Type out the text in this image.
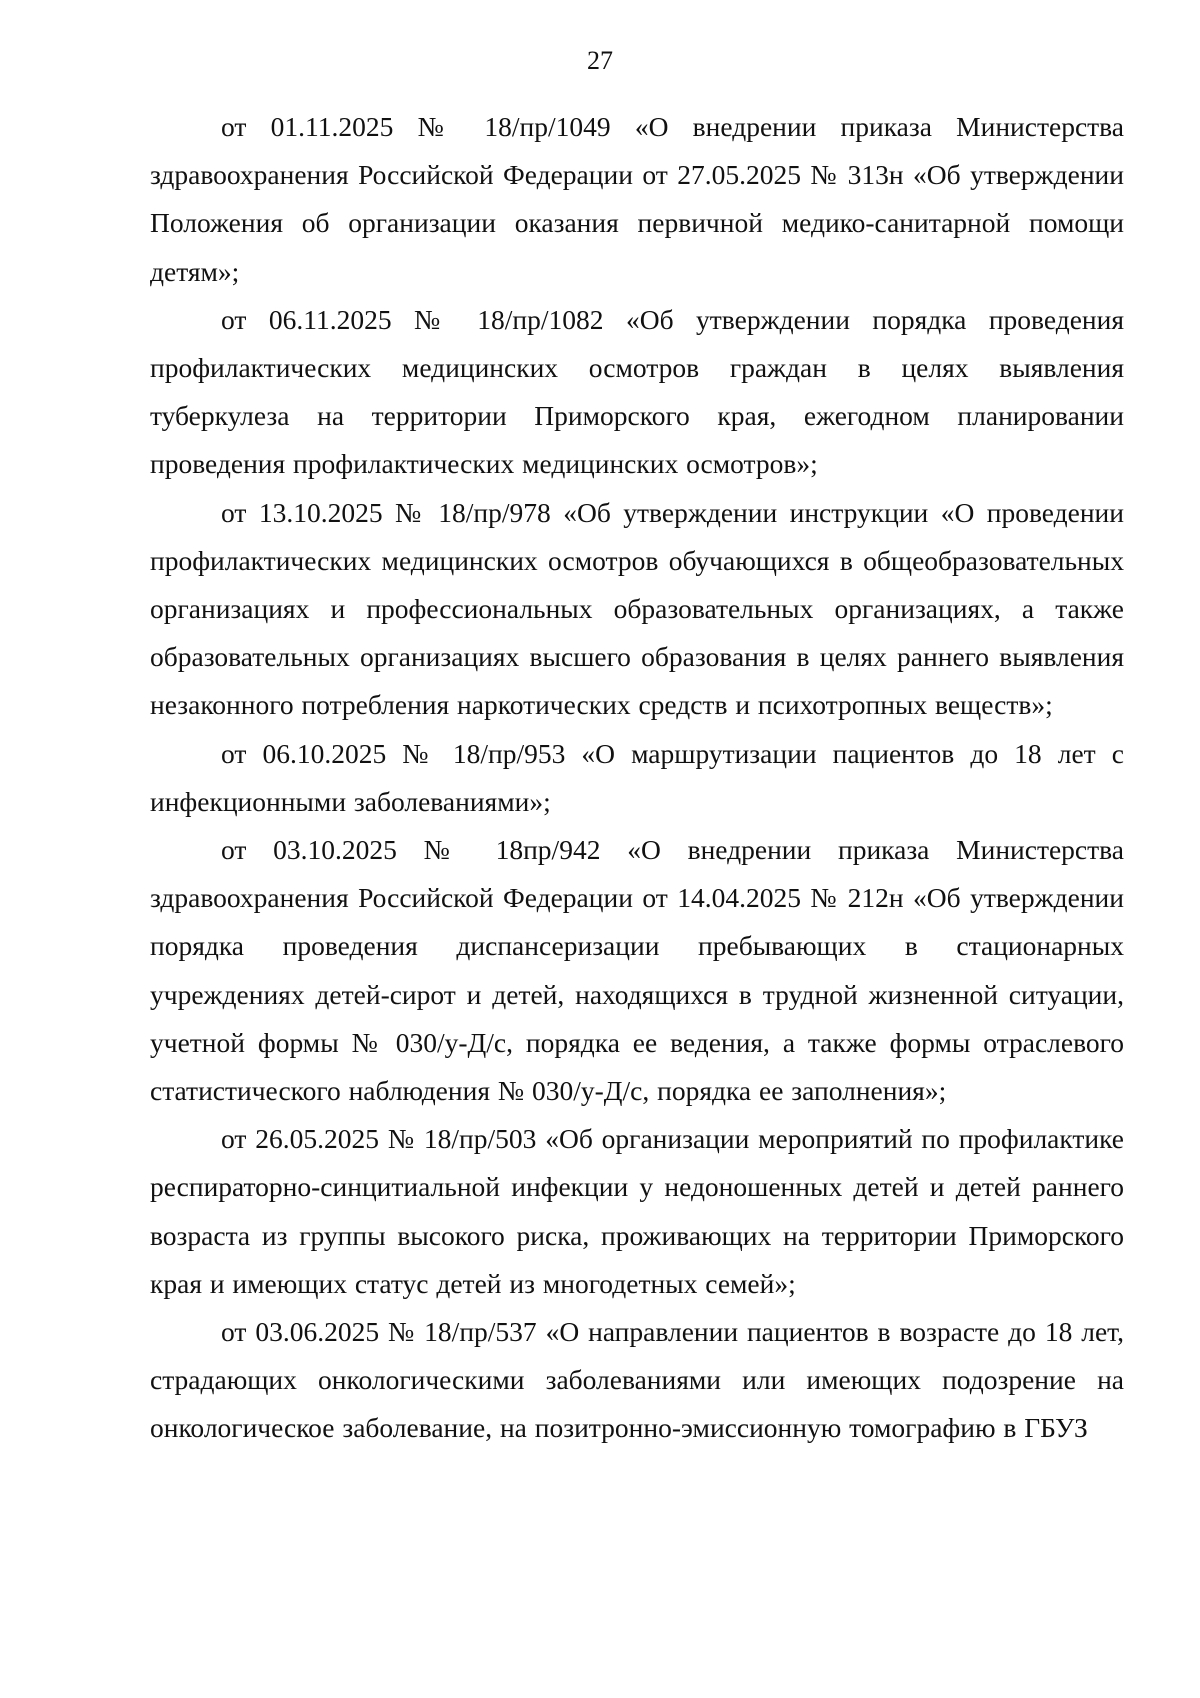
27

от 01.11.2025 № 18/пр/1049 «О внедрении приказа Министерства здравоохранения Российской Федерации от 27.05.2025 № 313н «Об утверждении Положения об организации оказания первичной медико-санитарной помощи детям»;

от 06.11.2025 № 18/пр/1082 «Об утверждении порядка проведения профилактических медицинских осмотров граждан в целях выявления туберкулеза на территории Приморского края, ежегодном планировании проведения профилактических медицинских осмотров»;

от 13.10.2025 № 18/пр/978 «Об утверждении инструкции «О проведении профилактических медицинских осмотров обучающихся в общеобразовательных организациях и профессиональных образовательных организациях, а также образовательных организациях высшего образования в целях раннего выявления незаконного потребления наркотических средств и психотропных веществ»;

от 06.10.2025 № 18/пр/953 «О маршрутизации пациентов до 18 лет с инфекционными заболеваниями»;

от 03.10.2025 № 18пр/942 «О внедрении приказа Министерства здравоохранения Российской Федерации от 14.04.2025 № 212н «Об утверждении порядка проведения диспансеризации пребывающих в стационарных учреждениях детей-сирот и детей, находящихся в трудной жизненной ситуации, учетной формы № 030/у-Д/с, порядка ее ведения, а также формы отраслевого статистического наблюдения № 030/у-Д/с, порядка ее заполнения»;

от 26.05.2025 № 18/пр/503 «Об организации мероприятий по профилактике респираторно-синцитиальной инфекции у недоношенных детей и детей раннего возраста из группы высокого риска, проживающих на территории Приморского края и имеющих статус детей из многодетных семей»;

от 03.06.2025 № 18/пр/537 «О направлении пациентов в возрасте до 18 лет, страдающих онкологическими заболеваниями или имеющих подозрение на онкологическое заболевание, на позитронно-эмиссионную томографию в ГБУЗ
